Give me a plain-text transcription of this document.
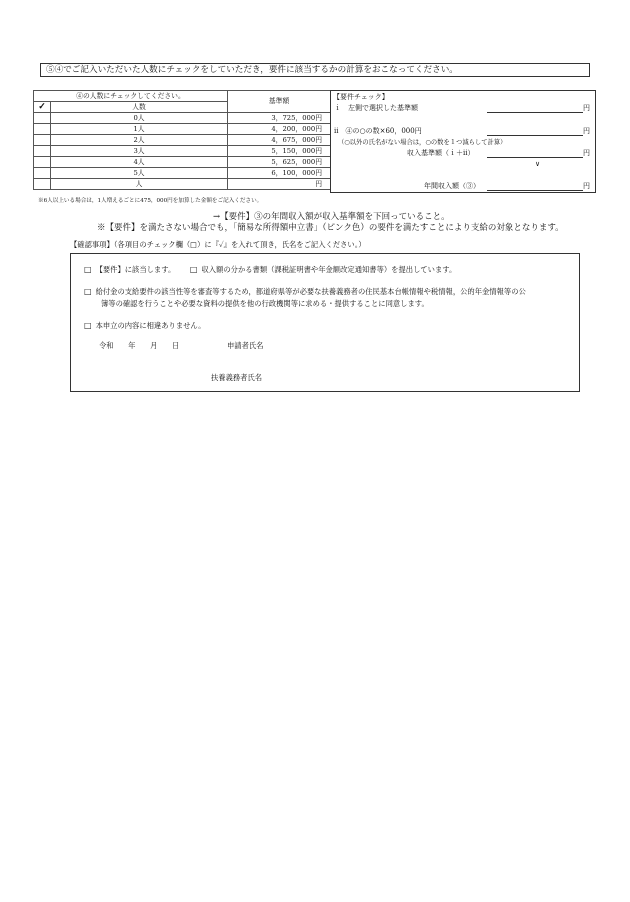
⑤④でご記入いただいた人数にチェックをしていただき，要件に該当するかの計算をおこなってください。
④の人数にチェックしてください。		基準額
✓	人数	
	0人	3，725，000円
	1人	4，200，000円
	2人	4，675，000円
	3人	5，150，000円
	4人	5，625，000円
	5人	6，100，000円
	人	円
※6人以上いる場合は，1人増えるごとに475，000円を加算した金額をご記入ください。
【要件チェック】
ｉ　左側で選択した基準額	円
ii　④の○の数×60，000円	円
（○以外の氏名がない場合は，○の数を１つ減らして計算）
収入基準額（ｉ＋ii）	円
∨
年間収入額（③）	円
→【要件】③の年間収入額が収入基準額を下回っていること。
※【要件】を満たさない場合でも，「簡易な所得額申立書」（ピンク色）の要件を満たすことにより支給の対象となります。
【確認事項】（各項目のチェック欄（□）に『✓』を入れて頂き，氏名をご記入ください。）
□ 【要件】に該当します。 □ 収入額の分かる書類（課税証明書や年金額改定通知書等）を提出しています。
□ 給付金の支給要件の該当性等を審査等するため，都道府県等が必要な扶養義務者の住民基本台帳情報や税情報，公的年金情報等の公
簿等の確認を行うことや必要な資料の提供を他の行政機関等に求める・提供することに同意します。
□ 本申立の内容に相違ありません。
令和　　年　　月　　日	申請者氏名
扶養義務者氏名
